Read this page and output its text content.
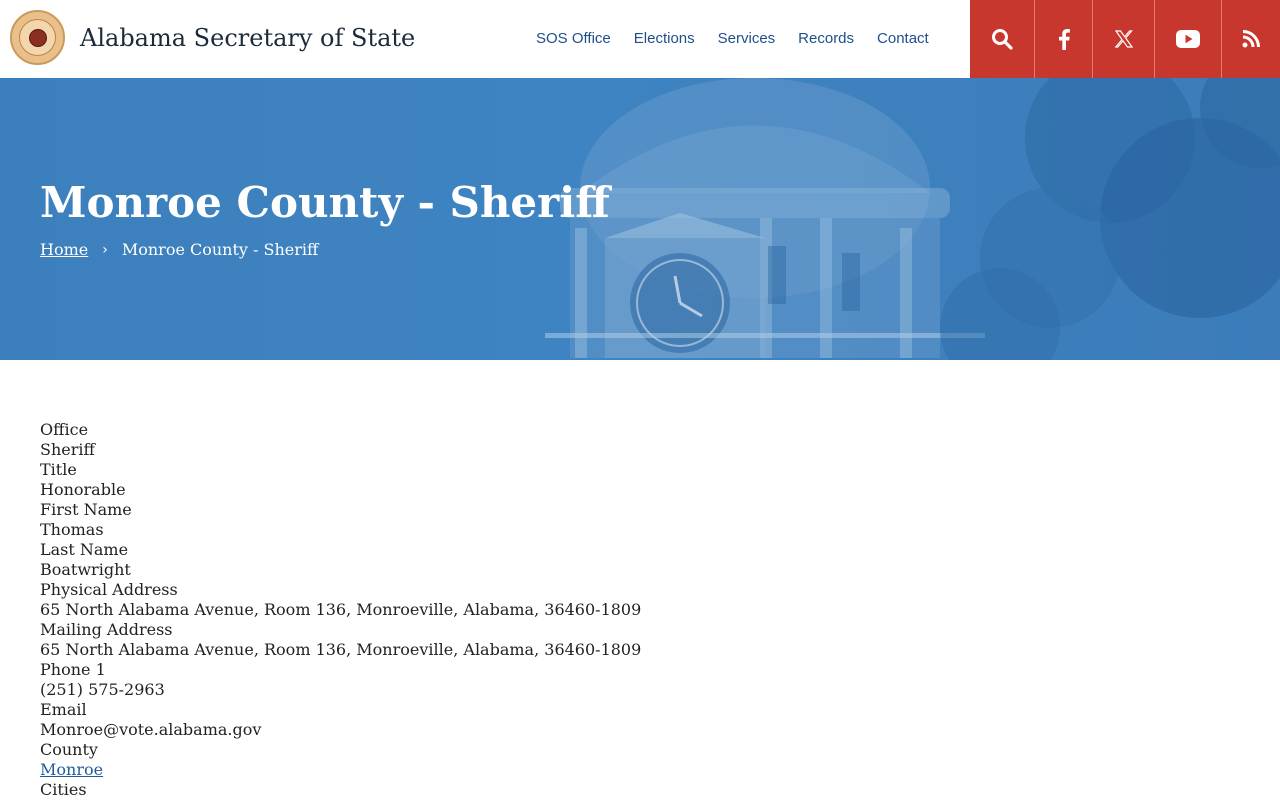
Alabama Secretary of State	SOS Office Elections Services Records Contact
Monroe County - Sheriff
Home › Monroe County - Sheriff
Office
Sheriff
Title
Honorable
First Name
Thomas
Last Name
Boatwright
Physical Address
65 North Alabama Avenue, Room 136, Monroeville, Alabama, 36460-1809
Mailing Address
65 North Alabama Avenue, Room 136, Monroeville, Alabama, 36460-1809
Phone 1
(251) 575-2963
Email
Monroe@vote.alabama.gov
County
Monroe
Cities
